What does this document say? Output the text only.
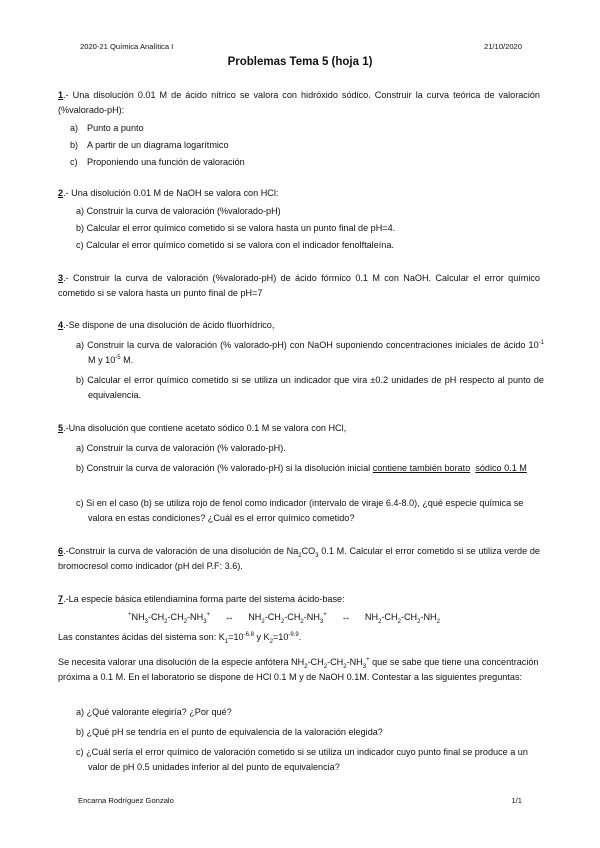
2020-21 Química Analítica I	21/10/2020
Problemas Tema 5 (hoja 1)
1.- Una disolución 0.01 M de ácido nítrico se valora con hidróxido sódico. Construir la curva teórica de valoración (%valorado-pH):
a) Punto a punto
b) A partir de un diagrama logarítmico
c) Proponiendo una función de valoración
2.- Una disolución 0.01 M de NaOH se valora con HCl:
a) Construir la curva de valoración (%valorado-pH)
b) Calcular el error químico cometido si se valora hasta un punto final de pH=4.
c) Calcular el error químico cometido si se valora con el indicador fenolftaleína.
3.- Construir la curva de valoración (%valorado-pH) de ácido fórmico 0.1 M con NaOH. Calcular el error químico cometido si se valora hasta un punto final de pH=7
4.-Se dispone de una disolución de ácido fluorhídrico,
a) Construir la curva de valoración (% valorado-pH) con NaOH suponiendo concentraciones iniciales de ácido $10^{-1}$ M y $10^{-5}$ M.
b) Calcular el error químico cometido si se utiliza un indicador que vira ±0.2 unidades de pH respecto al punto de equivalencia.
5.-Una disolución que contiene acetato sódico 0.1 M se valora con HCl,
a) Construir la curva de valoración (% valorado-pH).
b) Construir la curva de valoración (% valorado-pH) si la disolución inicial contiene también borato sódico 0.1 M
c) Si en el caso (b) se utiliza rojo de fenol como indicador (intervalo de viraje 6.4-8.0), ¿qué especie química se valora en estas condiciones? ¿Cuál es el error químico cometido?
6.-Construir la curva de valoración de una disolución de $Na_2CO_3$ 0.1 M. Calcular el error cometido si se utiliza verde de bromocresol como indicador (pH del P.F: 3.6).
7.-La especie básica etilendiamina forma parte del sistema ácido-base:
$^+NH_3-CH_2-CH_2-NH_3^+$ ↔ $NH_2-CH_2-CH_2-NH_3^+$ ↔ $NH_2-CH_2-CH_2-NH_2$
Las constantes ácidas del sistema son: $K_1=10^{-6.8}$ y $K_2=10^{-9.9}$.
Se necesita valorar una disolución de la especie anfótera $NH_2-CH_2-CH_2-NH_3^+$ que se sabe que tiene una concentración próxima a 0.1 M. En el laboratorio se dispone de HCl 0.1 M y de NaOH 0.1M. Contestar a las siguientes preguntas:
a) ¿Qué valorante elegiría? ¿Por qué?
b) ¿Qué pH se tendría en el punto de equivalencia de la valoración elegida?
c) ¿Cuál sería el error químico de valoración cometido si se utiliza un indicador cuyo punto final se produce a un valor de pH 0.5 unidades inferior al del punto de equivalencia?
Encarna Rodríguez Gonzalo	1/1
